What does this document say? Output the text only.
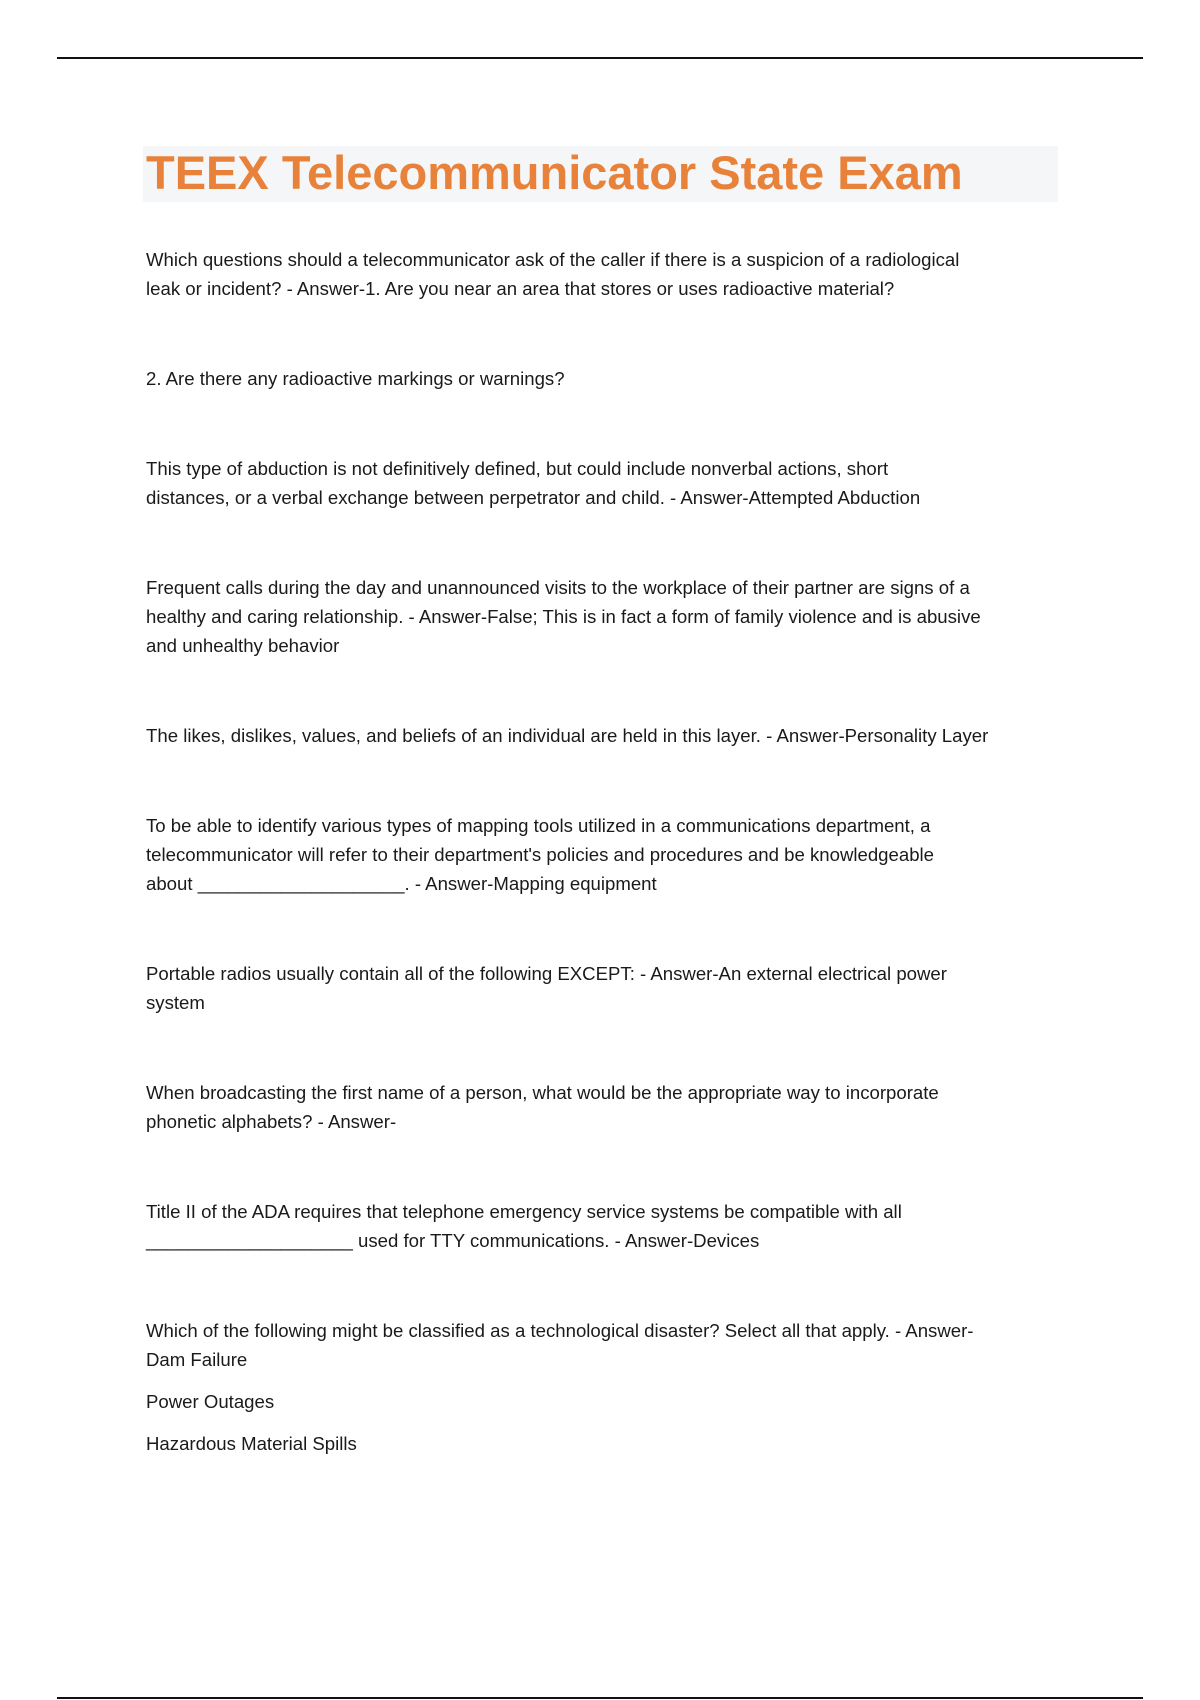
TEEX Telecommunicator State Exam

Which questions should a telecommunicator ask of the caller if there is a suspicion of a radiological
leak or incident? - Answer-1. Are you near an area that stores or uses radioactive material?

2. Are there any radioactive markings or warnings?

This type of abduction is not definitively defined, but could include nonverbal actions, short
distances, or a verbal exchange between perpetrator and child. - Answer-Attempted Abduction

Frequent calls during the day and unannounced visits to the workplace of their partner are signs of a
healthy and caring relationship. - Answer-False; This is in fact a form of family violence and is abusive
and unhealthy behavior

The likes, dislikes, values, and beliefs of an individual are held in this layer. - Answer-Personality Layer

To be able to identify various types of mapping tools utilized in a communications department, a
telecommunicator will refer to their department's policies and procedures and be knowledgeable
about ____________________. - Answer-Mapping equipment

Portable radios usually contain all of the following EXCEPT: - Answer-An external electrical power
system

When broadcasting the first name of a person, what would be the appropriate way to incorporate
phonetic alphabets? - Answer-

Title II of the ADA requires that telephone emergency service systems be compatible with all
____________________ used for TTY communications. - Answer-Devices

Which of the following might be classified as a technological disaster? Select all that apply. - Answer-
Dam Failure

Power Outages

Hazardous Material Spills
